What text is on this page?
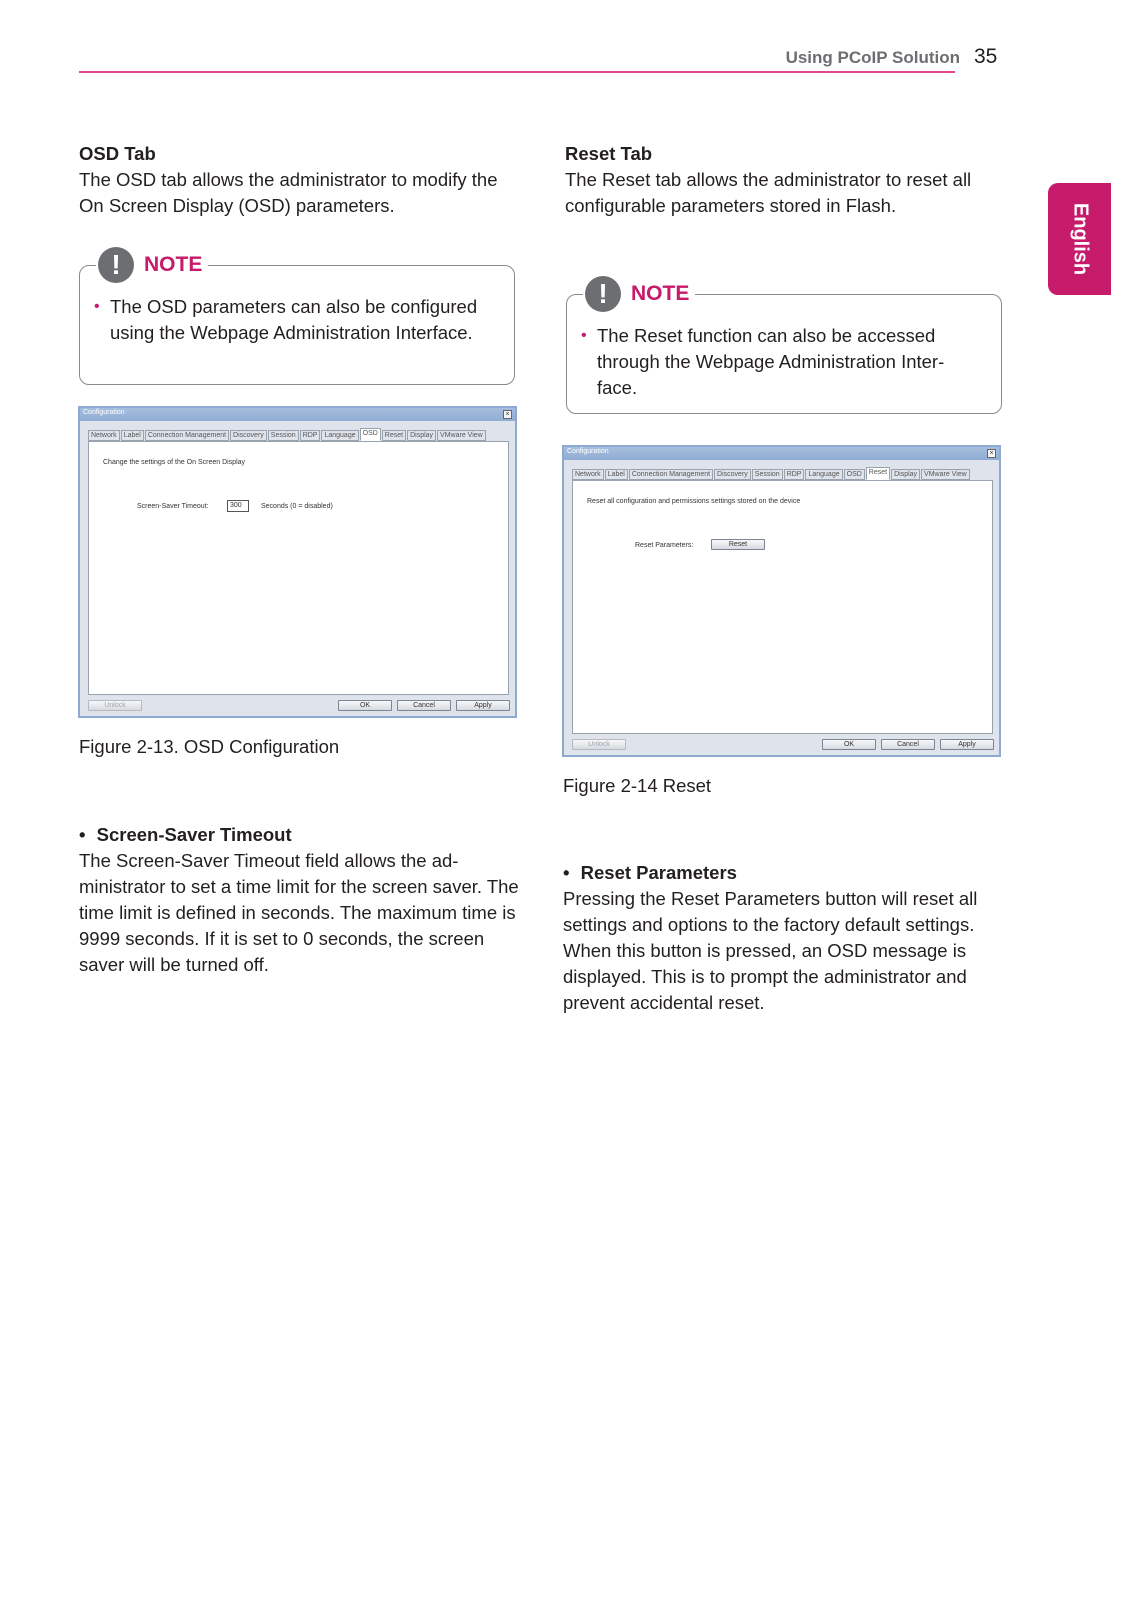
Using PCoIP Solution 35
English
OSD Tab
The OSD tab allows the administrator to modify the On Screen Display (OSD) parameters.
!	NOTE
• The OSD parameters can also be configured using the Webpage Administration Interface.
Configuration	×
Network	Label	Connection Management	Discovery	Session	RDP	Language	OSD	Reset	Display	VMware View
Change the settings of the On Screen Display
Screen-Saver Timeout:	300	Seconds (0 = disabled)
Unlock	OK	Cancel	Apply
Figure 2-13. OSD Configuration
• Screen-Saver Timeout
The Screen-Saver Timeout field allows the ad- ministrator to set a time limit for the screen saver. The time limit is defined in seconds. The maximum time is 9999 seconds. If it is set to 0 seconds, the screen saver will be turned off.
Reset Tab
The Reset tab allows the administrator to reset all configurable parameters stored in Flash.
!	NOTE
• The Reset function can also be accessed through the Webpage Administration Inter- face.
Configuration	×
Network	Label	Connection Management	Discovery	Session	RDP	Language	OSD	Reset	Display	VMware View
Reset all configuration and permissions settings stored on the device
Reset Parameters:	Reset
Unlock	OK	Cancel	Apply
Figure 2-14 Reset
• Reset Parameters
Pressing the Reset Parameters button will reset all settings and options to the factory default settings. When this button is pressed, an OSD message is displayed. This is to prompt the administrator and prevent accidental reset.
